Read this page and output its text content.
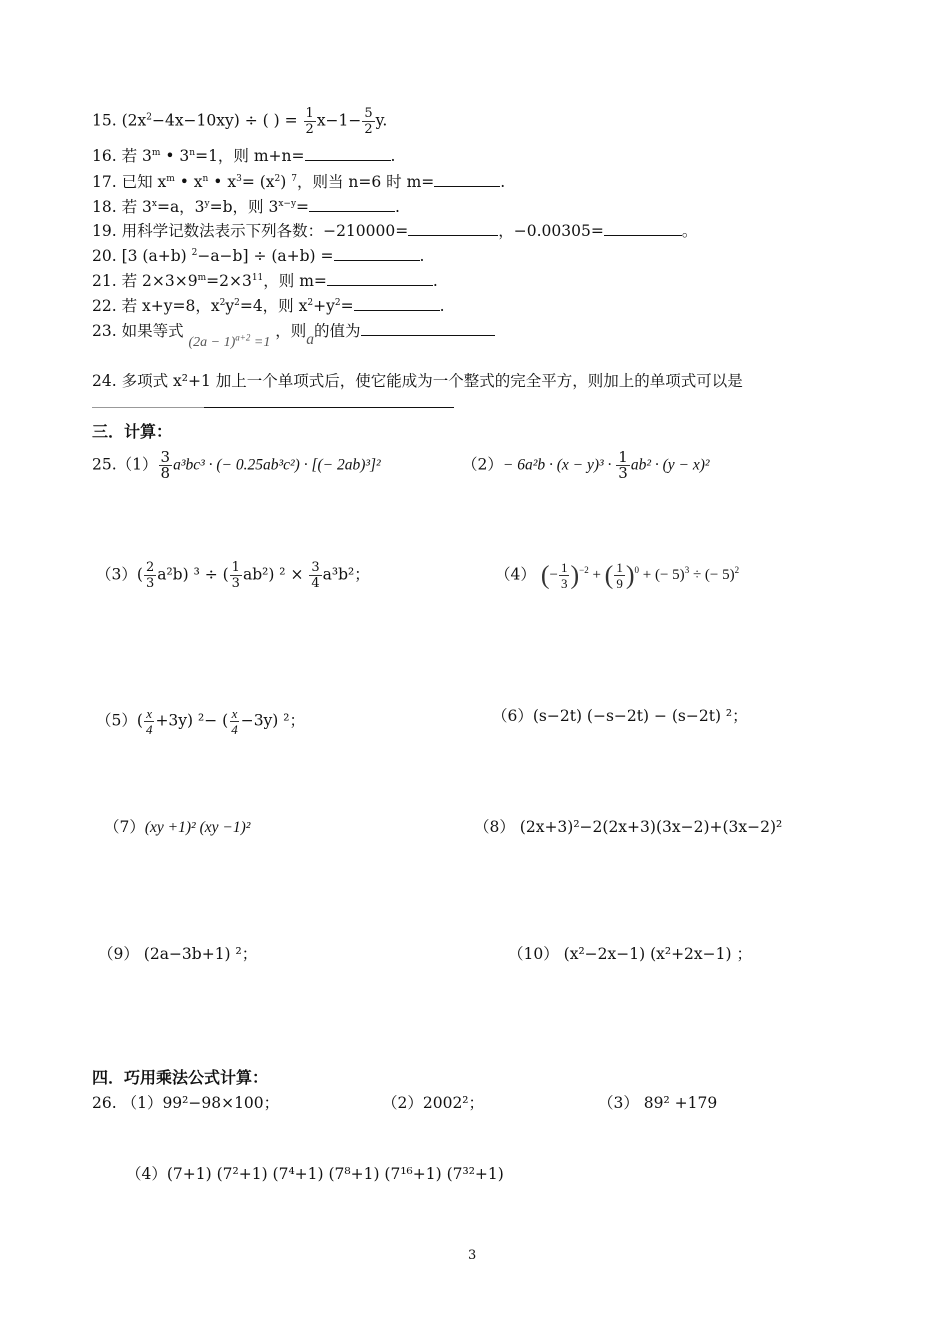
15. $(2x^2-4x-10xy)$ ÷ ( ) = $\frac{1}{2} x-1- \frac{5}{2} y$.
16. 若 3$^m$ • $3^n=1$，则 m+n=	.
17. 已知 $x^m$ • $x^n$ • $x^3= (x^2)$ $^7$，则当 n=6 时 m=	.
18. 若 $3^x=a$，$3^y=b$，则 $3^{x-y}=$	.
19. 用科学记数法表示下列各数：−210000=	，−0.00305=	。
20. [3 (a+b) $^2$−a−b] ÷ (a+b) =	.
21. 若 $2\times 3\times 9^m=2\times 3^{11}$，则 m=	.
22. 若 x+y=8，$x^2y^2=4$，则 $x^2+y^2=$	.
23. 如果等式 $(2a - 1)^{a+2} =1$ ，则a的值为
24. 多项式 x²+1 加上一个单项式后，使它能成为一个整式的完全平方，则加上的单项式可以是
三．计算：
$25.(1) \frac{3}{8} a^3bc^3$ · (− 0.25ab³c²) · [(− 2ab)³]²	$(2)- 6a^2b \cdot (x - y)^3 \cdot \frac{1}{3} ab^2 \cdot (y - x)^2$
$(3)( \frac{2}{3} a^2b)$ ³ ÷ ( $\frac{1}{3} ab^2$) $^2 \times \frac{3}{4} a^3b^2$；	（4） (− $\frac{1}{3} )^{-2}$ + ( $\frac{1}{9} )^0$ + (− 5)$^3$ ÷ (− 5)$^2$
$(5)( \frac{x}{4} +3y)$ ²− ( $\frac{x}{4} -3y$) ²；	（6）(s−2t) (−s−2t) − (s−2t) ²；
（7）(xy +1)² (xy −1)²	（8） (2x+3)²−2(2x+3)(3x−2)+(3x−2)²
（9） (2a−3b+1) ²；	（10） (x²−2x−1) (x²+2x−1) ；
四．巧用乘法公式计算：
26. （1）99²−98×100；	（2）2002²；	（3） 89² +179
（4）(7+1) (7²+1) (7⁴+1) (7⁸+1) (7¹⁶+1) (7³²+1)
3
